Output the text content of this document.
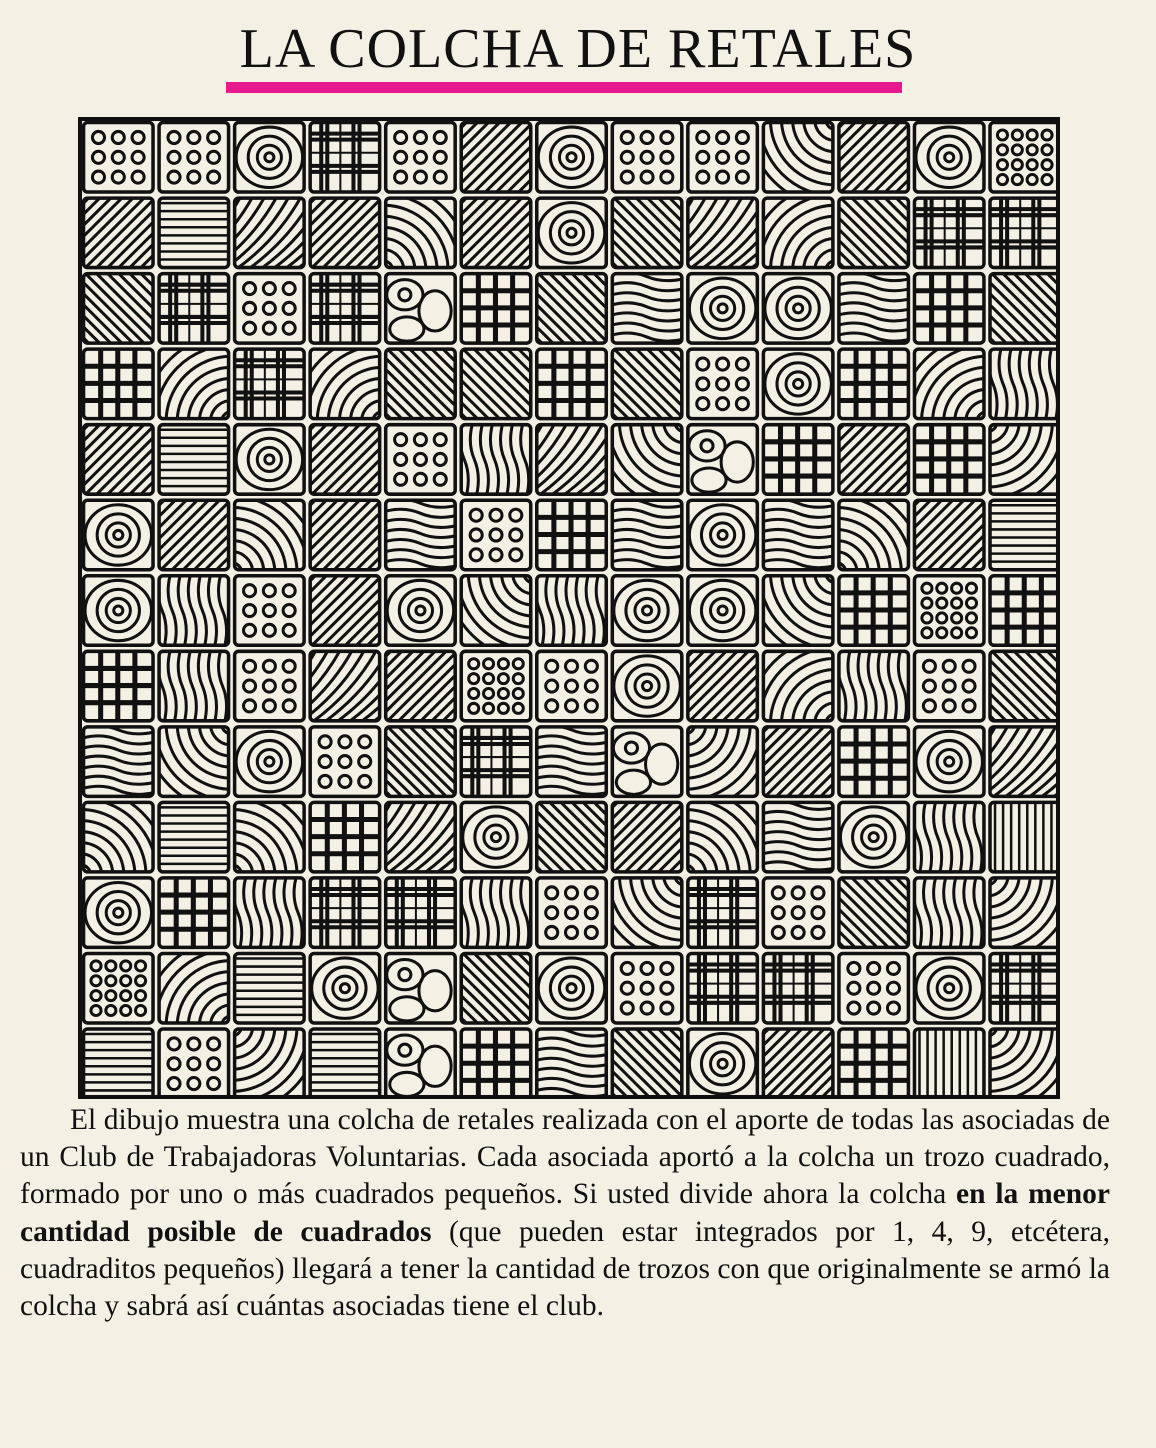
LA COLCHA DE RETALES

El dibujo muestra una colcha de retales realizada con el aporte de todas las asociadas de un Club de Trabajadoras Voluntarias. Cada asociada aportó a la colcha un trozo cuadrado, formado por uno o más cuadrados pequeños. Si usted divide ahora la colcha en la menor cantidad posible de cuadrados (que pueden estar integrados por 1, 4, 9, etcétera, cuadraditos pequeños) llegará a tener la cantidad de trozos con que originalmente se armó la colcha y sabrá así cuántas asociadas tiene el club.
